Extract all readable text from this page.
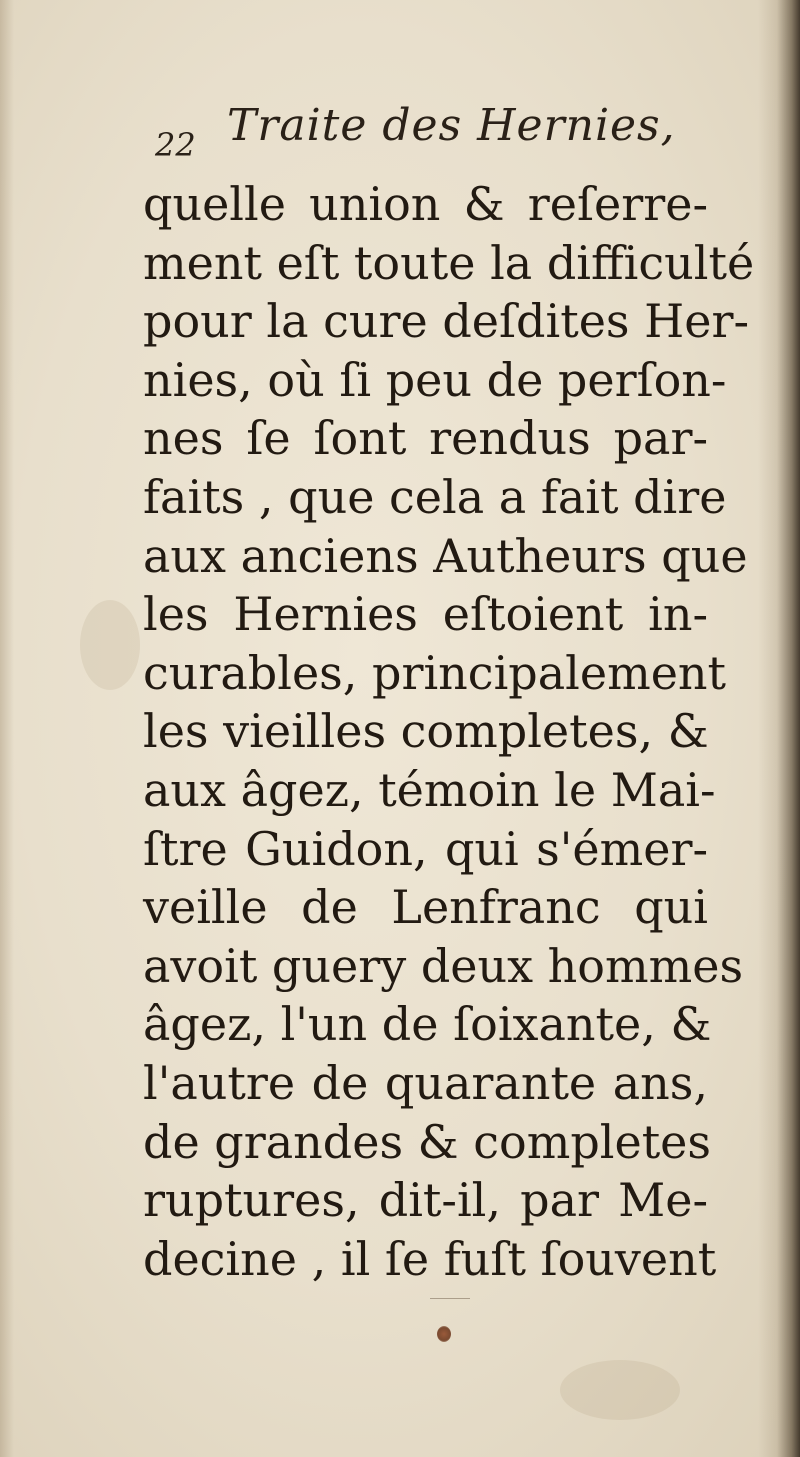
22 Traite des Hernies,
quelle union & reſerre-
ment eſt toute la difficulté
pour la cure deſdites Her-
nies, où ſi peu de perſon-
nes ſe ſont rendus par-
faits , que cela a fait dire
aux anciens Autheurs que
les Hernies eſtoient in-
curables, principalement
les vieilles completes, &
aux âgez, témoin le Mai-
ſtre Guidon, qui s'émer-
veille de Lenfranc qui
avoit guery deux hommes
âgez, l'un de ſoixante, &
l'autre de quarante ans,
de grandes & completes
ruptures, dit-il, par Me-
decine , il ſe fuſt ſouvent
